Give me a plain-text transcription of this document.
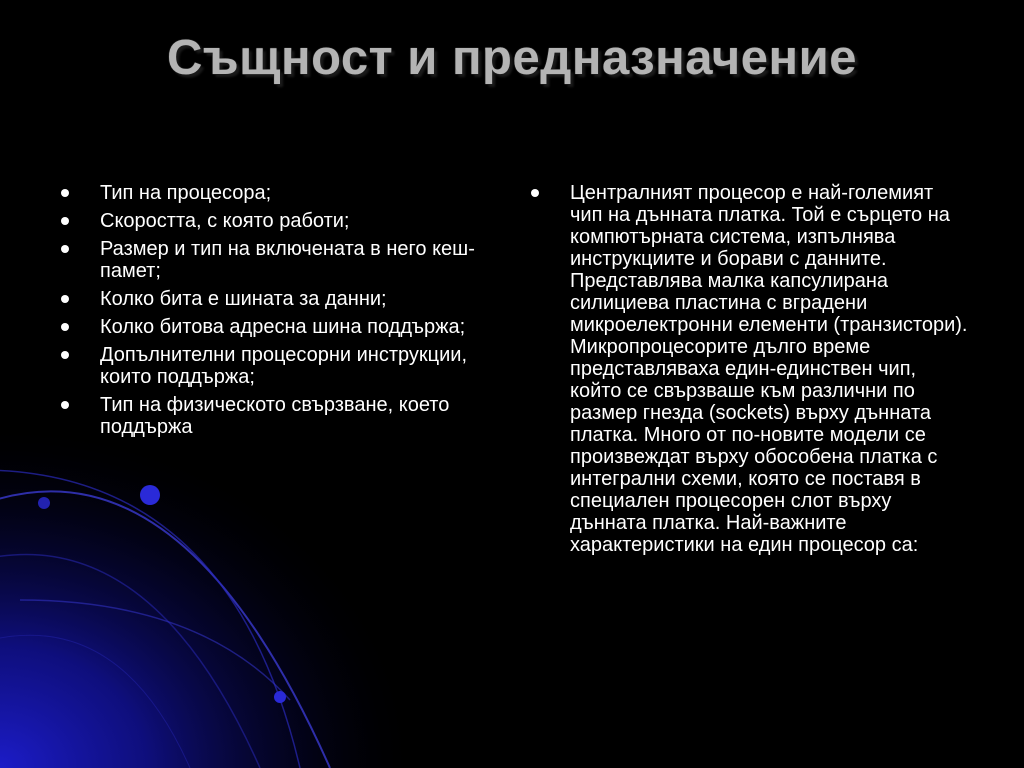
Същност и предназначение
Тип на процесора;
Скоростта, с която работи;
Размер и тип на включената в него кеш-памет;
Колко бита е шината за данни;
Колко битова адресна шина поддържа;
Допълнителни процесорни инструкции, които поддържа;
Тип на физическото свързване, което поддържа
Централният процесор е най-големият чип на дънната платка. Той е сърцето на компютърната система, изпълнява инструкциите и борави с данните. Представлява малка капсулирана силициева пластина с вградени микроелектронни елементи (транзистори). Микропроцесорите дълго време представляваха един-единствен чип, който се свързваше към различни по размер гнезда (sockets) върху дънната платка. Много от по-новите модели се произвеждат върху обособена платка с интегрални схеми, която се поставя в специален процесорен слот върху дънната платка. Най-важните характеристики на един процесор са:
